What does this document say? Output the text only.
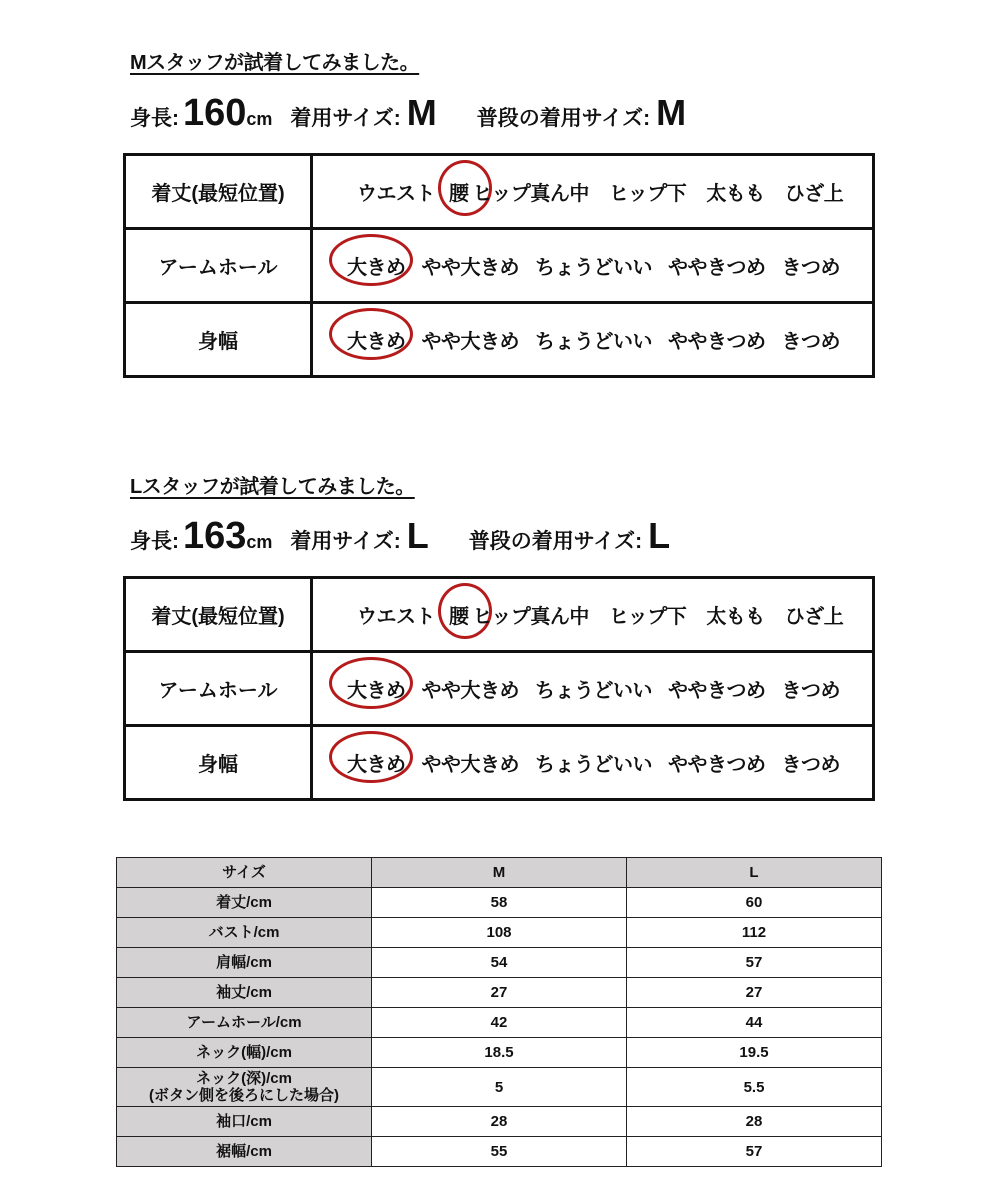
Mスタッフが試着してみました。
身長: 160 cm 着用サイズ: M 普段の着用サイズ: M
着丈(最短位置)	ウエスト 腰 ヒップ真ん中 ヒップ下 太もも ひざ上

アームホール	大きめ やや大きめ ちょうどいい ややきつめ きつめ

身幅	大きめ やや大きめ ちょうどいい ややきつめ きつめ
Lスタッフが試着してみました。
身長: 163 cm 着用サイズ: L 普段の着用サイズ: L
着丈(最短位置)	ウエスト 腰 ヒップ真ん中 ヒップ下 太もも ひざ上

アームホール	大きめ やや大きめ ちょうどいい ややきつめ きつめ

身幅	大きめ やや大きめ ちょうどいい ややきつめ きつめ
サイズ	M	L
着丈/cm	58	60
バスト/cm	108	112
肩幅/cm	54	57
袖丈/cm	27	27
アームホール/cm	42	44
ネック(幅)/cm	18.5	19.5

ネック(深)/cm
(ボタン側を後ろにした場合)	5	5.5
袖口/cm	28	28
裾幅/cm	55	57
